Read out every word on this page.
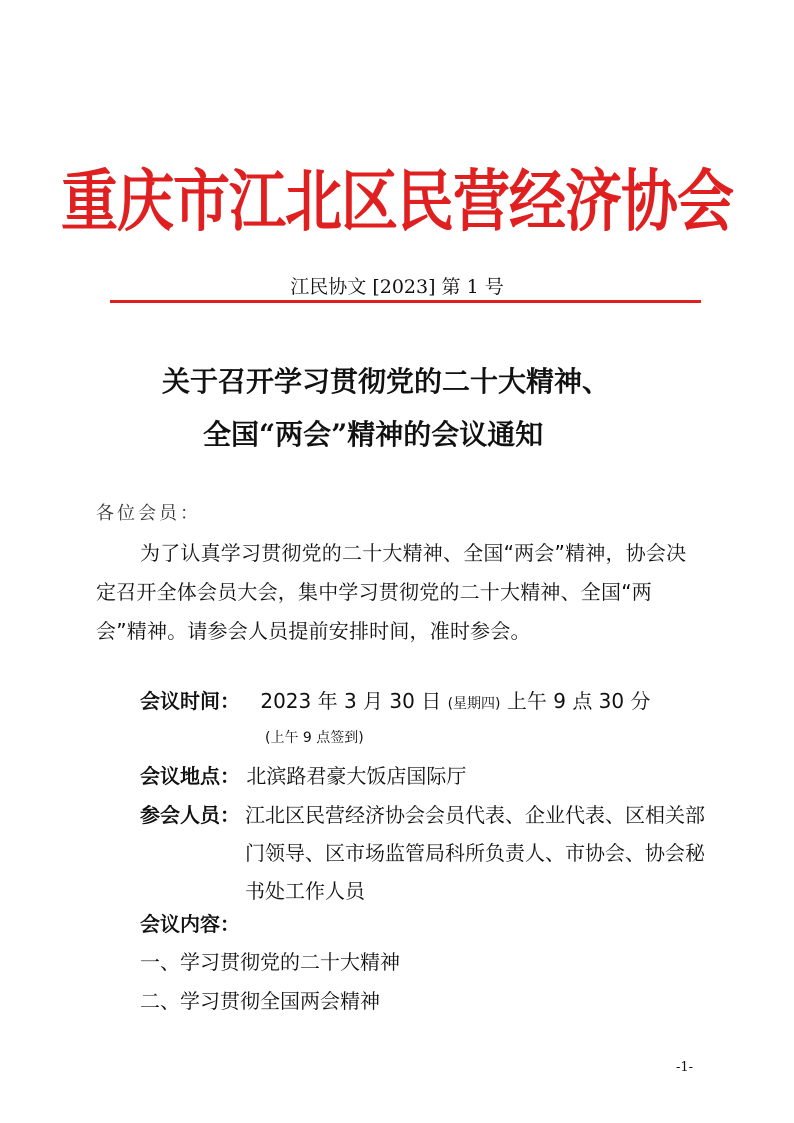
重庆市江北区民营经济协会
江民协文 [2023] 第 1 号
关于召开学习贯彻党的二十大精神、
全国“两会”精神的会议通知
各位会员：
为了认真学习贯彻党的二十大精神、全国“两会”精神，协会决定召开全体会员大会，集中学习贯彻党的二十大精神、全国“两会”精神。请参会人员提前安排时间，准时参会。
会议时间： 2023 年 3 月 30 日 (星期四) 上午 9 点 30 分
(上午 9 点签到)
会议地点： 北滨路君豪大饭店国际厅
参会人员： 江北区民营经济协会会员代表、企业代表、区相关部门领导、区市场监管局科所负责人、市协会、协会秘书处工作人员
会议内容：
一、学习贯彻党的二十大精神
二、学习贯彻全国两会精神
-1-
